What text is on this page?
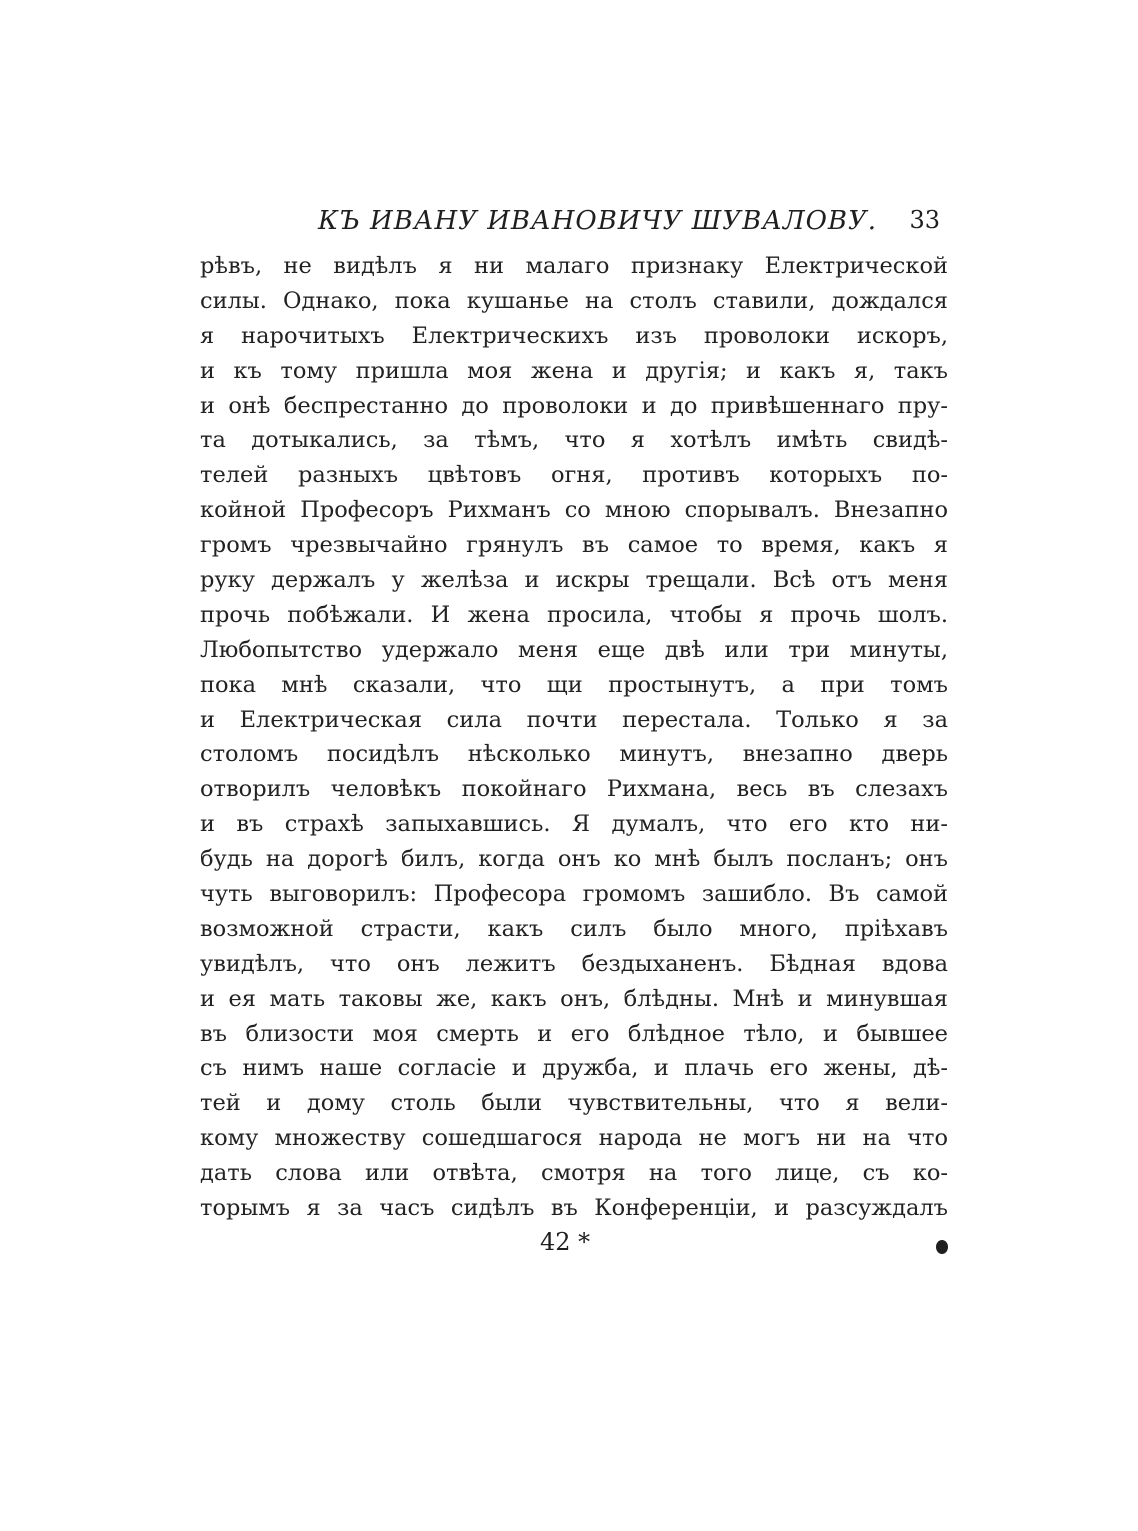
КЪ ИВАНУ ИВАНОВИЧУ ШУВАЛОВУ. 33
рѣвъ, не видѣлъ я ни малаго признаку Електрической
силы. Однако, пока кушанье на столъ ставили, дождался
я нарочитыхъ Електрическихъ изъ проволоки искоръ,
и къ тому пришла моя жена и другія; и какъ я, такъ
и онѣ беспрестанно до проволоки и до привѣшеннаго пру-
та дотыкались, за тѣмъ, что я хотѣлъ имѣть свидѣ-
телей разныхъ цвѣтовъ огня, противъ которыхъ по-
койной Професоръ Рихманъ со мною спорывалъ. Внезапно
громъ чрезвычайно грянулъ въ самое то время, какъ я
руку держалъ у желѣза и искры трещали. Всѣ отъ меня
прочь побѣжали. И жена просила, чтобы я прочь шолъ.
Любопытство удержало меня еще двѣ или три минуты,
пока мнѣ сказали, что щи простынутъ, а при томъ
и Електрическая сила почти перестала. Только я за
столомъ посидѣлъ нѣсколько минутъ, внезапно дверь
отворилъ человѣкъ покойнаго Рихмана, весь въ слезахъ
и въ страхѣ запыхавшись. Я думалъ, что его кто ни-
будь на дорогѣ билъ, когда онъ ко мнѣ былъ посланъ; онъ
чуть выговорилъ: Професора громомъ зашибло. Въ самой
возможной страсти, какъ силъ было много, пріѣхавъ
увидѣлъ, что онъ лежитъ бездыханенъ. Бѣдная вдова
и ея мать таковы же, какъ онъ, блѣдны. Мнѣ и минувшая
въ близости моя смерть и его блѣдное тѣло, и бывшее
съ нимъ наше согласіе и дружба, и плачь его жены, дѣ-
тей и дому столь были чувствительны, что я вели-
кому множеству сошедшагося народа не могъ ни на что
дать слова или отвѣта, смотря на того лице, съ ко-
торымъ я за часъ сидѣлъ въ Конференціи, и разсуждалъ
42 *
